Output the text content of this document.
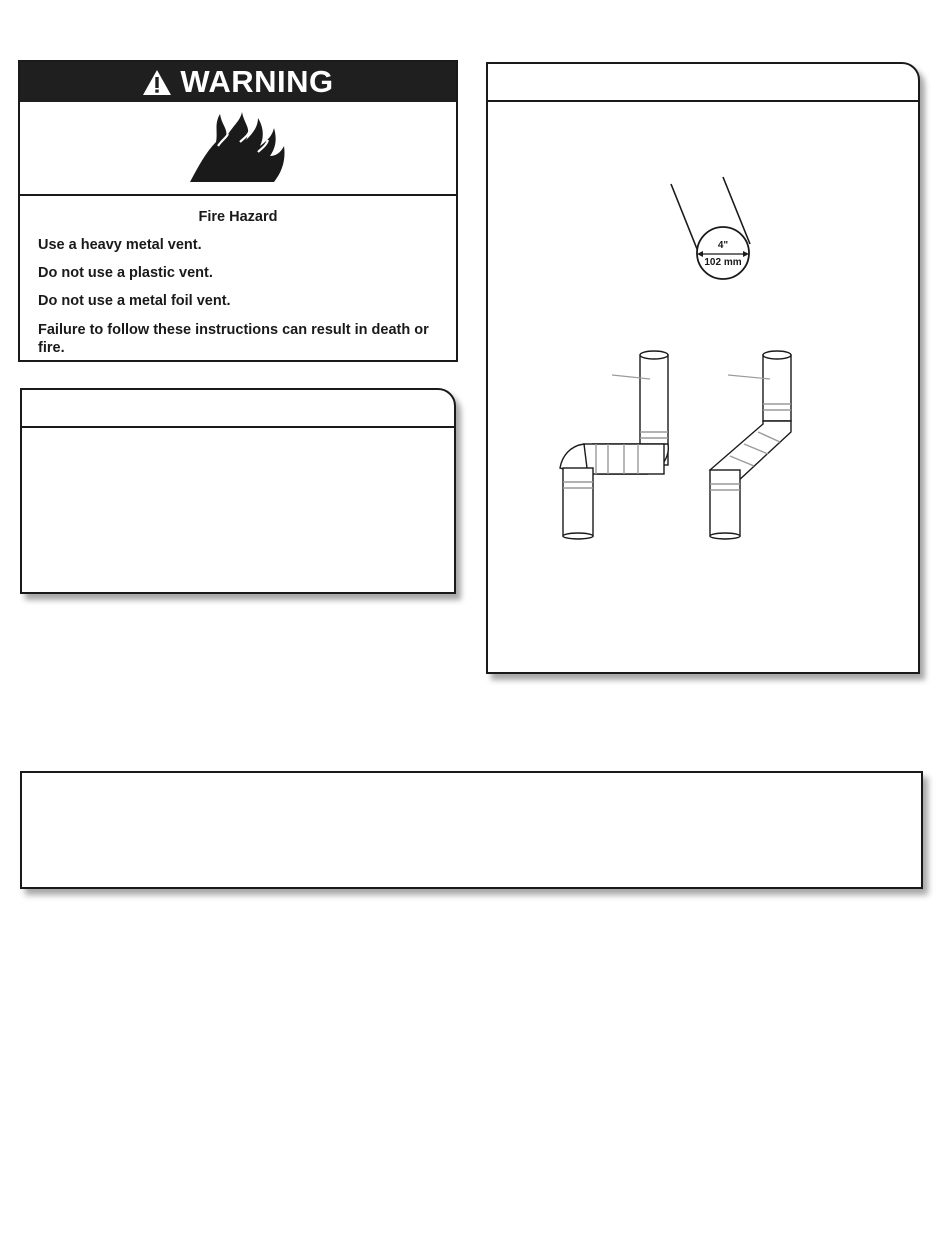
WARNING
Fire Hazard
Use a heavy metal vent.
Do not use a plastic vent.
Do not use a metal foil vent.
Failure to follow these instructions can result in death or fire.
4"
102 mm
